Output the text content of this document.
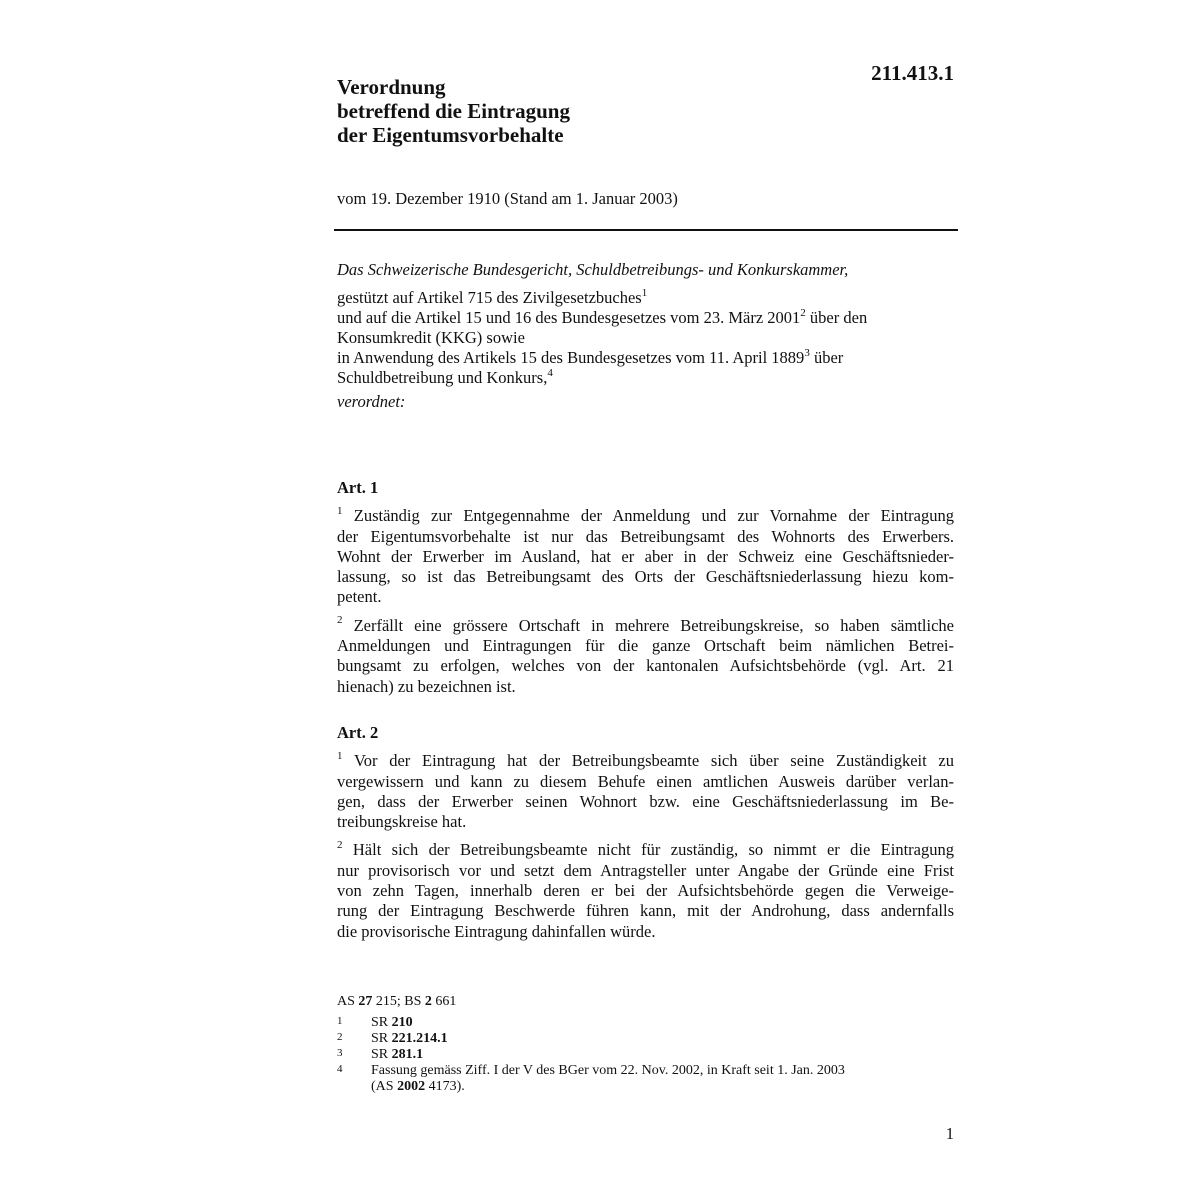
211.413.1
Verordnung
betreffend die Eintragung
der Eigentumsvorbehalte
vom 19. Dezember 1910 (Stand am 1. Januar 2003)
Das Schweizerische Bundesgericht, Schuldbetreibungs- und Konkurskammer,
gestützt auf Artikel 715 des Zivilgesetzbuches$^1$
und auf die Artikel 15 und 16 des Bundesgesetzes vom 23. März 2001$^2$ über den
Konsumkredit (KKG) sowie
in Anwendung des Artikels 15 des Bundesgesetzes vom 11. April 1889$^3$ über
Schuldbetreibung und Konkurs,$^4$
verordnet:
Art. 1
$^1$ Zuständig zur Entgegennahme der Anmeldung und zur Vornahme der Eintragung
der Eigentumsvorbehalte ist nur das Betreibungsamt des Wohnorts des Erwerbers.
Wohnt der Erwerber im Ausland, hat er aber in der Schweiz eine Geschäftsnieder-
lassung, so ist das Betreibungsamt des Orts der Geschäftsniederlassung hiezu kom-
petent.
$^2$ Zerfällt eine grössere Ortschaft in mehrere Betreibungskreise, so haben sämtliche
Anmeldungen und Eintragungen für die ganze Ortschaft beim nämlichen Betrei-
bungsamt zu erfolgen, welches von der kantonalen Aufsichtsbehörde (vgl. Art. 21
hienach) zu bezeichnen ist.
Art. 2
$^1$ Vor der Eintragung hat der Betreibungsbeamte sich über seine Zuständigkeit zu
vergewissern und kann zu diesem Behufe einen amtlichen Ausweis darüber verlan-
gen, dass der Erwerber seinen Wohnort bzw. eine Geschäftsniederlassung im Be-
treibungskreise hat.
$^2$ Hält sich der Betreibungsbeamte nicht für zuständig, so nimmt er die Eintragung
nur provisorisch vor und setzt dem Antragsteller unter Angabe der Gründe eine Frist
von zehn Tagen, innerhalb deren er bei der Aufsichtsbehörde gegen die Verweige-
rung der Eintragung Beschwerde führen kann, mit der Androhung, dass andernfalls
die provisorische Eintragung dahinfallen würde.
AS 27 215; BS 2 661
1 SR 210
2 SR 221.214.1
3 SR 281.1
4 Fassung gemäss Ziff. I der V des BGer vom 22. Nov. 2002, in Kraft seit 1. Jan. 2003
(AS 2002 4173).
1
